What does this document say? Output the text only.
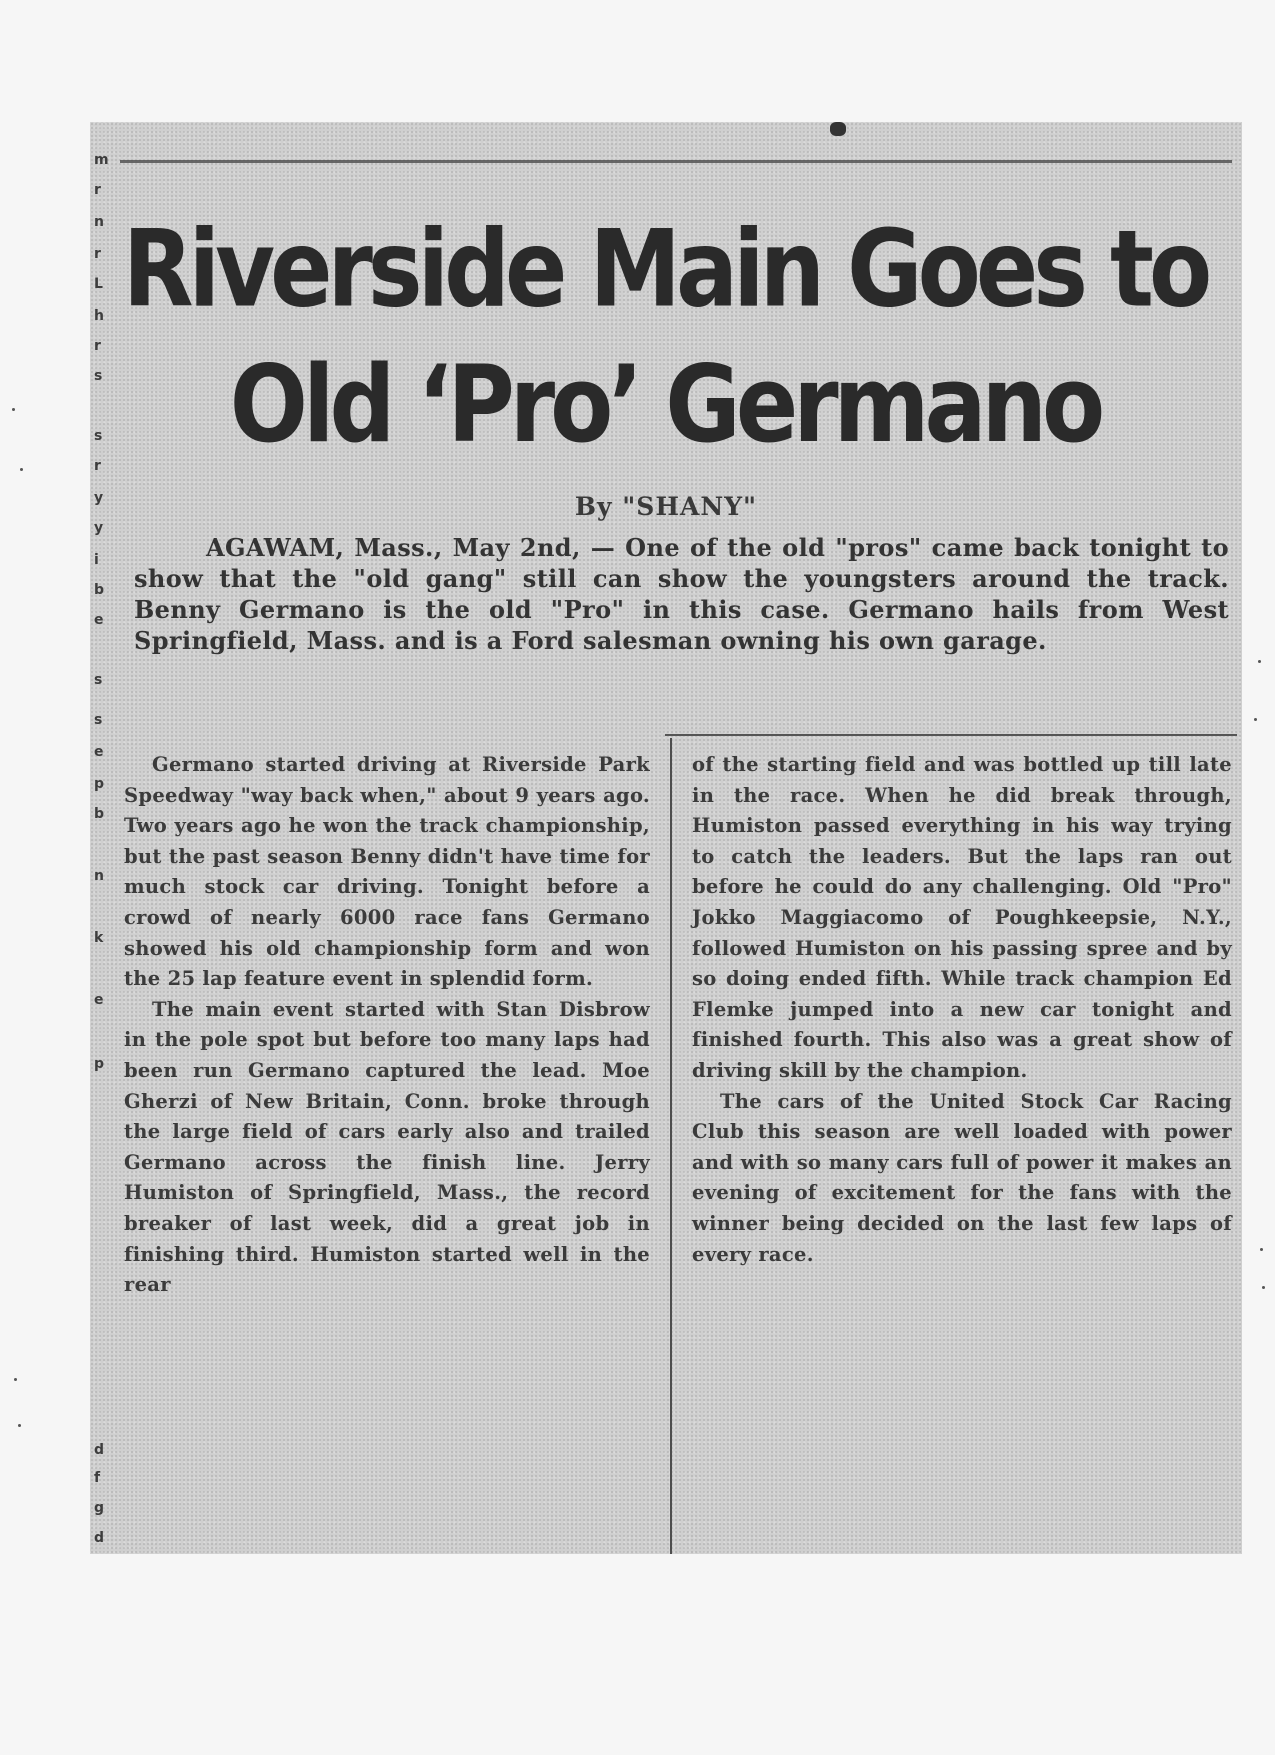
m
r
n
r
L
h
r
s
s
r
y
y
i
b
e
s
s
e
p
b
n
k
e
p
d
f
g
d
Riverside Main Goes to
Old ‘Pro’ Germano
By "SHANY"

AGAWAM, Mass., May 2nd, — One of the old "pros" came back tonight to show that the "old gang" still can show the youngsters around the track. Benny Germano is the old "Pro" in this case. Germano hails from West Springfield, Mass. and is a Ford salesman owning his own garage.

Germano started driving at Riverside Park Speedway "way back when," about 9 years ago. Two years ago he won the track championship, but the past season Benny didn't have time for much stock car driving. Tonight before a crowd of nearly 6000 race fans Germano showed his old championship form and won the 25 lap feature event in splendid form.

The main event started with Stan Disbrow in the pole spot but before too many laps had been run Germano captured the lead. Moe Gherzi of New Britain, Conn. broke through the large field of cars early also and trailed Germano across the finish line. Jerry Humiston of Springfield, Mass., the record breaker of last week, did a great job in finishing third. Humiston started well in the rear

of the starting field and was bottled up till late in the race. When he did break through, Humiston passed everything in his way trying to catch the leaders. But the laps ran out before he could do any challenging. Old "Pro" Jokko Maggiacomo of Poughkeepsie, N.Y., followed Humiston on his passing spree and by so doing ended fifth. While track champion Ed Flemke jumped into a new car tonight and finished fourth. This also was a great show of driving skill by the champion.

The cars of the United Stock Car Racing Club this season are well loaded with power and with so many cars full of power it makes an evening of excitement for the fans with the winner being decided on the last few laps of every race.
